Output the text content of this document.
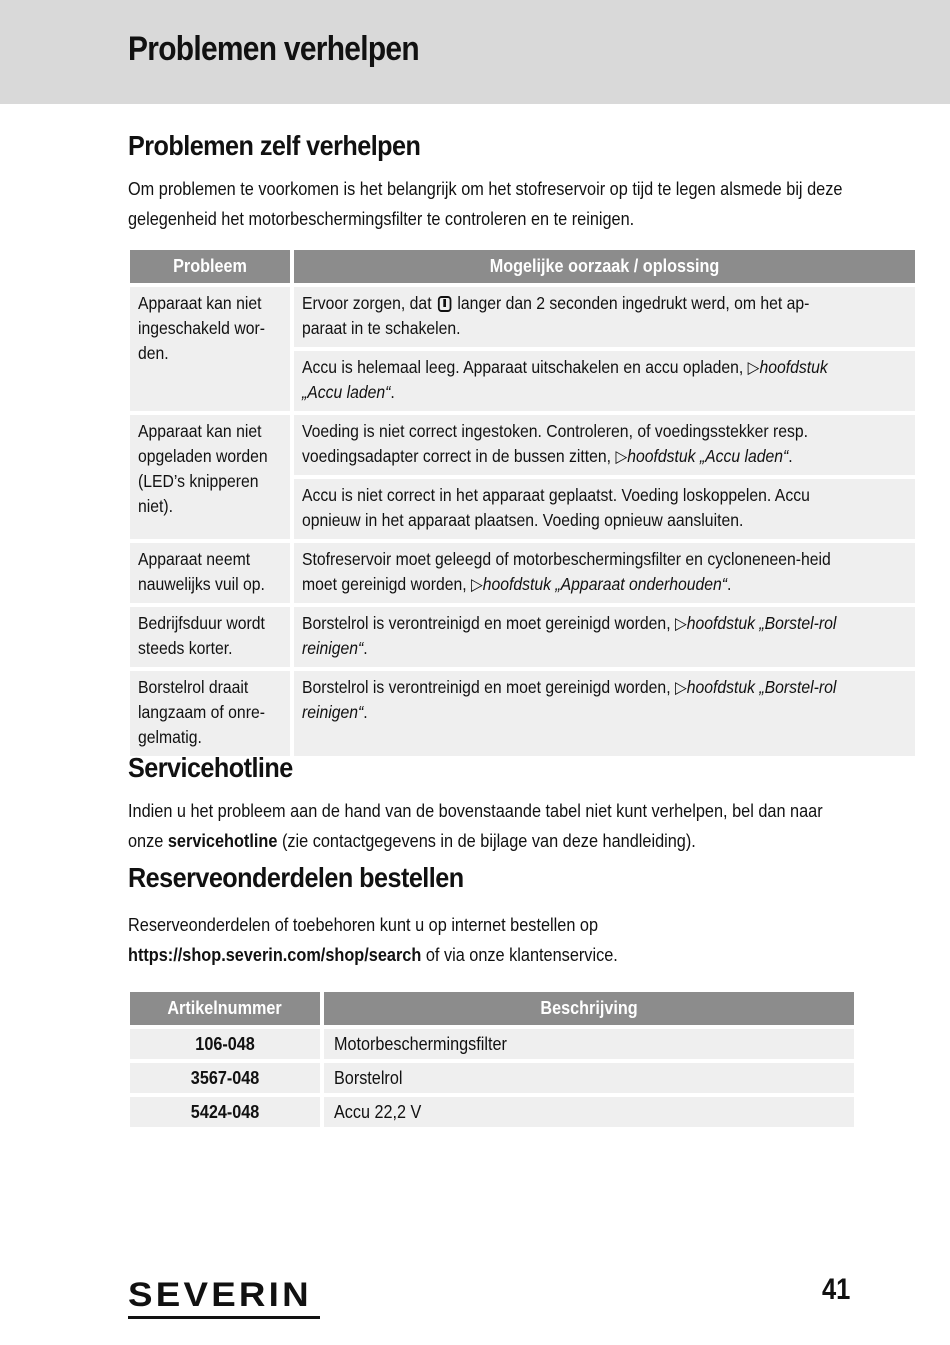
Problemen verhelpen
Problemen zelf verhelpen

Om problemen te voorkomen is het belangrijk om het stofreservoir op tijd te legen alsmede bij deze gelegenheid het motorbeschermingsfilter te controleren en te reinigen.

Probleem	Mogelijke oorzaak / oplossing
Apparaat kan niet
ingeschakeld wor-
den.	Ervoor zorgen, dat  langer dan 2 seconden ingedrukt werd, om het ap-paraat in te schakelen.

	Accu is helemaal leeg. Apparaat uitschakelen en accu opladen, ▷hoofdstuk „Accu laden“.

Apparaat kan niet
opgeladen worden
(LED’s knipperen
niet).	Voeding is niet correct ingestoken. Controleren, of voedingsstekker resp. voedingsadapter correct in de bussen zitten, ▷hoofdstuk „Accu laden“.

	Accu is niet correct in het apparaat geplaatst. Voeding loskoppelen. Accu opnieuw in het apparaat plaatsen. Voeding opnieuw aansluiten.

Apparaat neemt
nauwelijks vuil op.	Stofreservoir moet geleegd of motorbeschermingsfilter en cycloneneen-heid moet gereinigd worden, ▷hoofdstuk „Apparaat onderhouden“.

Bedrijfsduur wordt
steeds korter.	Borstelrol is verontreinigd en moet gereinigd worden, ▷hoofdstuk „Borstel-rol reinigen“.

Borstelrol draait
langzaam of onre-
gelmatig.	Borstelrol is verontreinigd en moet gereinigd worden, ▷hoofdstuk „Borstel-rol reinigen“.
Servicehotline

Indien u het probleem aan de hand van de bovenstaande tabel niet kunt verhelpen, bel dan naar onze servicehotline (zie contactgegevens in de bijlage van deze handleiding).

Reserveonderdelen bestellen

Reserveonderdelen of toebehoren kunt u op internet bestellen op https://shop.severin.com/shop/search of via onze klantenservice.

Artikelnummer	Beschrijving
106-048	Motorbeschermingsfilter
3567-048	Borstelrol
5424-048	Accu 22,2 V
SEVERIN	41
